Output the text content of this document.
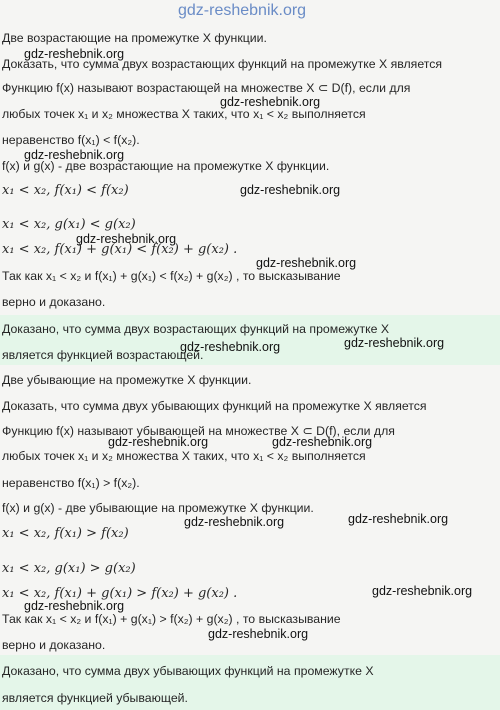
Две возрастающие на промежутке X функции.
Доказать, что сумма двух возрастающих функций на промежутке X является
Функцию f(x) называют возрастающей на множестве X ⊂ D(f), если для
любых точек x₁ и x₂ множества X таких, что x₁ < x₂ выполняется
неравенство f(x₁) < f(x₂).
f(x) и g(x) - две возрастающие на промежутке X функции.
x₁ < x₂, f(x₁) < f(x₂)
x₁ < x₂, g(x₁) < g(x₂)
x₁ < x₂, f(x₁) + g(x₁) < f(x₂) + g(x₂) .
Так как x₁ < x₂ и f(x₁) + g(x₁) < f(x₂) + g(x₂) , то высказывание
верно и доказано.
Доказано, что сумма двух возрастающих функций на промежутке X
является функцией возрастающей.
Две убывающие на промежутке X функции.
Доказать, что сумма двух убывающих функций на промежутке X является
Функцию f(x) называют убывающей на множестве X ⊂ D(f), если для
любых точек x₁ и x₂ множества X таких, что x₁ < x₂ выполняется
неравенство f(x₁) > f(x₂).
f(x) и g(x) - две убывающие на промежутке X функции.
x₁ < x₂, f(x₁) > f(x₂)
x₁ < x₂, g(x₁) > g(x₂)
x₁ < x₂, f(x₁) + g(x₁) > f(x₂) + g(x₂) .
Так как x₁ < x₂ и f(x₁) + g(x₁) > f(x₂) + g(x₂) , то высказывание
верно и доказано.
Доказано, что сумма двух убывающих функций на промежутке X
является функцией убывающей.
gdz-reshebnik.org
gdz-reshebnik.org
gdz-reshebnik.org
gdz-reshebnik.org
gdz-reshebnik.org
gdz-reshebnik.org
gdz-reshebnik.org
gdz-reshebnik.org
gdz-reshebnik.org
gdz-reshebnik.org	gdz-reshebnik.org
gdz-reshebnik.org
gdz-reshebnik.org
gdz-reshebnik.org
gdz-reshebnik.org
gdz-reshebnik.org
